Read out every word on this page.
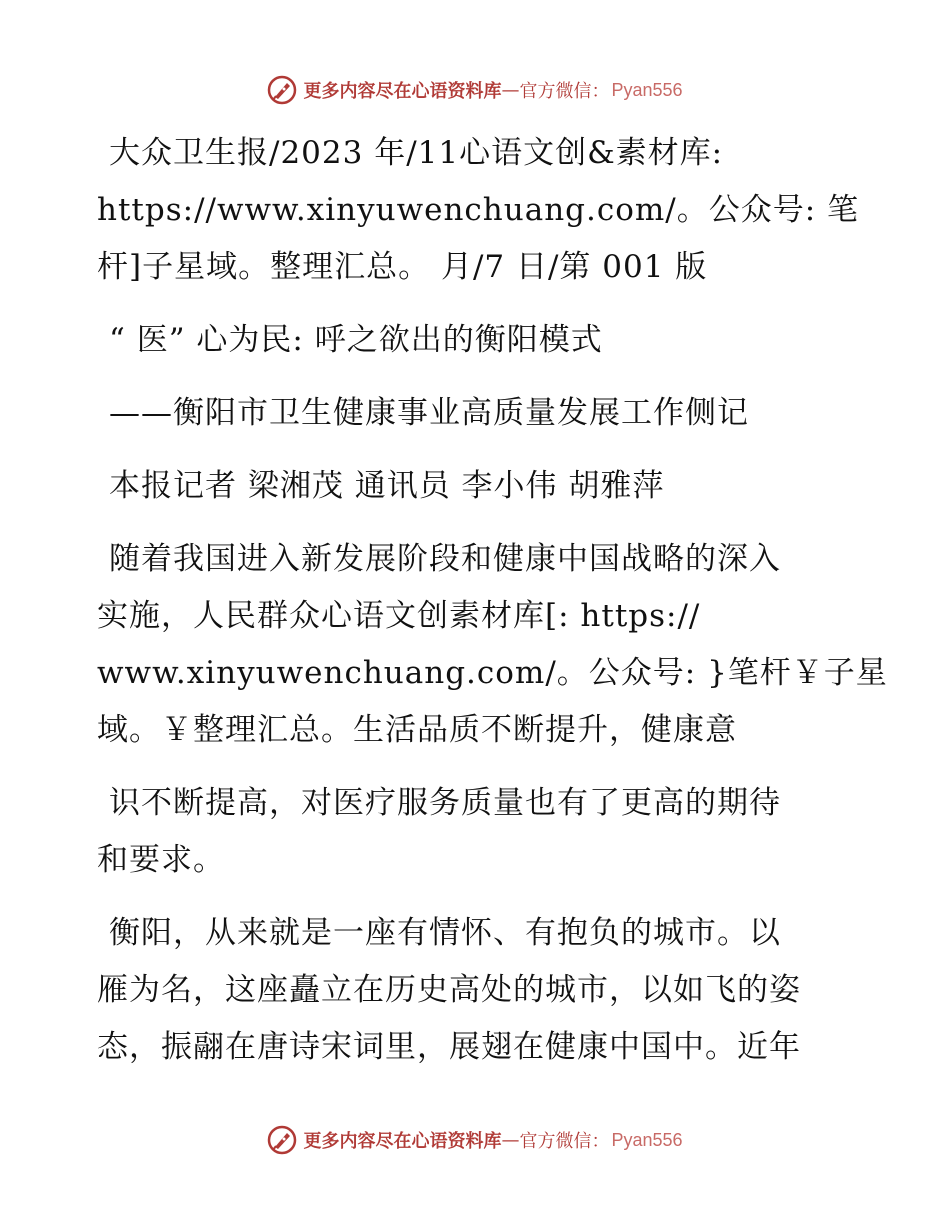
更多内容尽在心语资料库 — 官方微信： Pyan556
大众卫生报/2023 年/11心语文创&素材库:
https://www.xinyuwenchuang.com/。公众号: 笔
杆]子星域。整理汇总。 月/7 日/第 001 版
“ 医” 心为民: 呼之欲出的衡阳模式
——衡阳市卫生健康事业高质量发展工作侧记
本报记者 梁湘茂 通讯员 李小伟 胡雅萍
随着我国进入新发展阶段和健康中国战略的深入
实施，人民群众心语文创素材库[: https://
www.xinyuwenchuang.com/。公众号: }笔杆￥子星
域。￥整理汇总。生活品质不断提升，健康意
识不断提高，对医疗服务质量也有了更高的期待
和要求。
衡阳，从来就是一座有情怀、有抱负的城市。以
雁为名，这座矗立在历史高处的城市，以如飞的姿
态，振翮在唐诗宋词里，展翅在健康中国中。近年
更多内容尽在心语资料库 — 官方微信： Pyan556
